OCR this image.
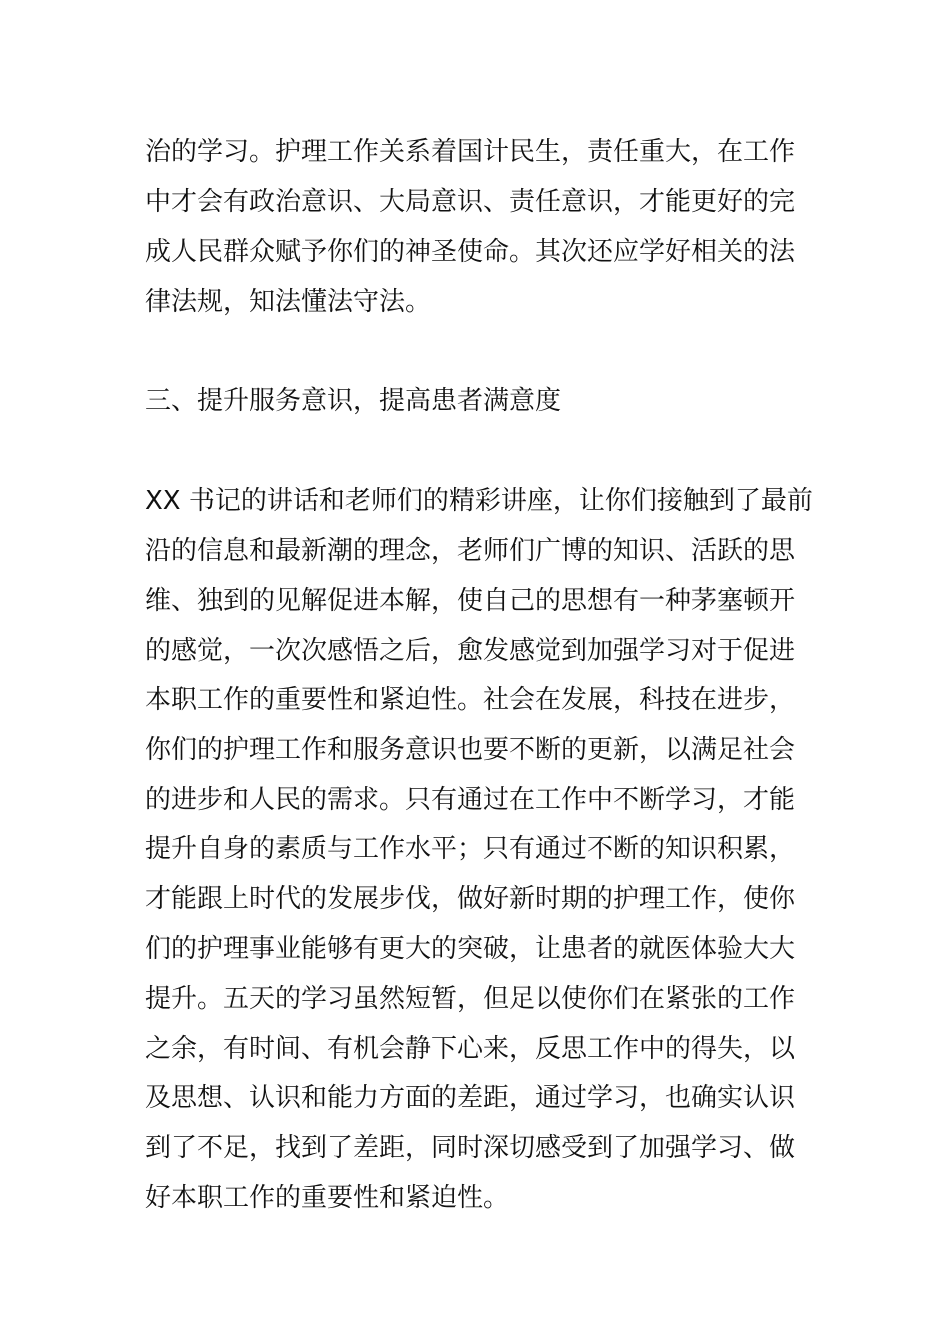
治的学习。护理工作关系着国计民生，责任重大，在工作
中才会有政治意识、大局意识、责任意识，才能更好的完
成人民群众赋予你们的神圣使命。其次还应学好相关的法
律法规，知法懂法守法。
三、提升服务意识，提高患者满意度
XX 书记的讲话和老师们的精彩讲座，让你们接触到了最前
沿的信息和最新潮的理念，老师们广博的知识、活跃的思
维、独到的见解促进本解，使自己的思想有一种茅塞顿开
的感觉，一次次感悟之后，愈发感觉到加强学习对于促进
本职工作的重要性和紧迫性。社会在发展，科技在进步，
你们的护理工作和服务意识也要不断的更新，以满足社会
的进步和人民的需求。只有通过在工作中不断学习，才能
提升自身的素质与工作水平；只有通过不断的知识积累，
才能跟上时代的发展步伐，做好新时期的护理工作，使你
们的护理事业能够有更大的突破，让患者的就医体验大大
提升。五天的学习虽然短暂，但足以使你们在紧张的工作
之余，有时间、有机会静下心来，反思工作中的得失，以
及思想、认识和能力方面的差距，通过学习，也确实认识
到了不足，找到了差距，同时深切感受到了加强学习、做
好本职工作的重要性和紧迫性。
